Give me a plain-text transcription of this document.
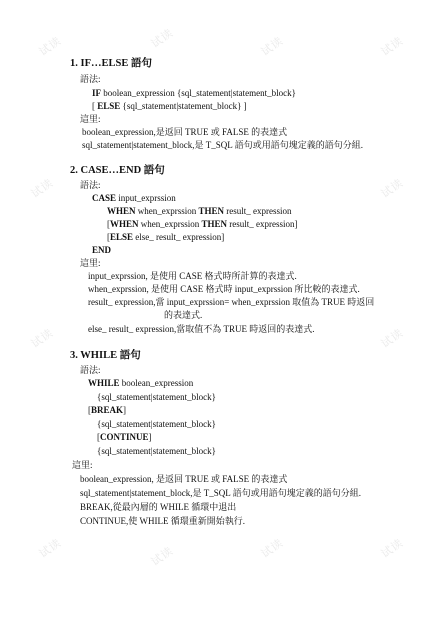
试读	试读	试读	试读
试读	试读
试读	试读
试读	试读	试读	试读
1. IF…ELSE 語句
語法:
IF boolean_expression {sql_statement|statement_block}
[ ELSE {sql_statement|statement_block} ]
這里:
boolean_expression,是返回 TRUE 或 FALSE 的表達式
sql_statement|statement_block,是 T_SQL 語句或用語句塊定義的語句分組.
2. CASE…END 語句
語法:
CASE input_exprssion
WHEN when_exprssion THEN result_ expression
[WHEN when_exprssion THEN result_ expression]
[ELSE else_ result_ expression]
END
這里:
input_exprssion, 是使用 CASE 格式時所計算的表達式.
when_exprssion, 是使用 CASE 格式時 input_exprssion 所比較的表達式.
result_ expression,當 input_exprssion= when_exprssion 取值為 TRUE 時返回
的表達式.
else_ result_ expression,當取值不為 TRUE 時返回的表達式.
3. WHILE 語句
語法:
WHILE boolean_expression
{sql_statement|statement_block}
[BREAK]
{sql_statement|statement_block}
[CONTINUE]
{sql_statement|statement_block}
這里:
boolean_expression, 是返回 TRUE 或 FALSE 的表達式
sql_statement|statement_block,是 T_SQL 語句或用語句塊定義的語句分組.
BREAK,從最內層的 WHILE 循環中退出
CONTINUE,使 WHILE 循環重新開始執行.
